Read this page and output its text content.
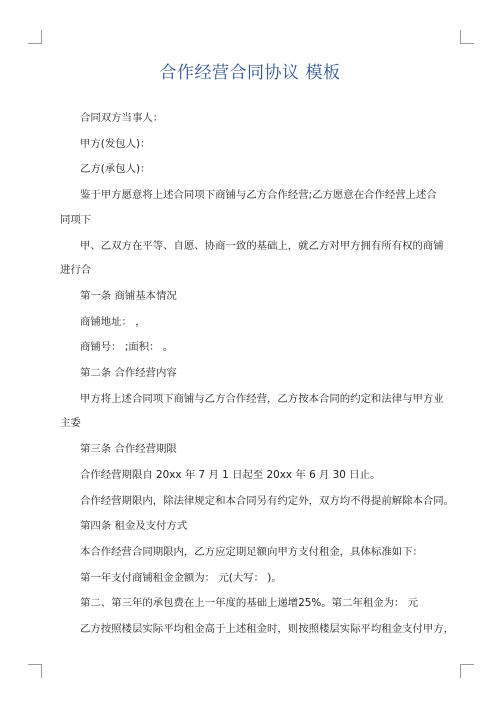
合作经营合同协议 模板

合同双方当事人：

甲方(发包人)：

乙方(承包人)：

鉴于甲方愿意将上述合同项下商铺与乙方合作经营;乙方愿意在合作经营上述合同项下

甲、乙双方在平等、自愿、协商一致的基础上，就乙方对甲方拥有所有权的商铺进行合

第一条 商铺基本情况

商铺地址： ，

商铺号： ;面积： 。

第二条 合作经营内容

甲方将上述合同项下商铺与乙方合作经营，乙方按本合同的约定和法律与甲方业主委

第三条 合作经营期限

合作经营期限自 20xx 年 7 月 1 日起至 20xx 年 6 月 30 日止。

合作经营期限内，除法律规定和本合同另有约定外，双方均不得提前解除本合同。

第四条 租金及支付方式

本合作经营合同期限内，乙方应定期足额向甲方支付租金，具体标准如下：

第一年支付商铺租金金额为： 元(大写： )。

第二、第三年的承包费在上一年度的基础上递增25%。第二年租金为： 元

乙方按照楼层实际平均租金高于上述租金时，则按照楼层实际平均租金支付甲方，
